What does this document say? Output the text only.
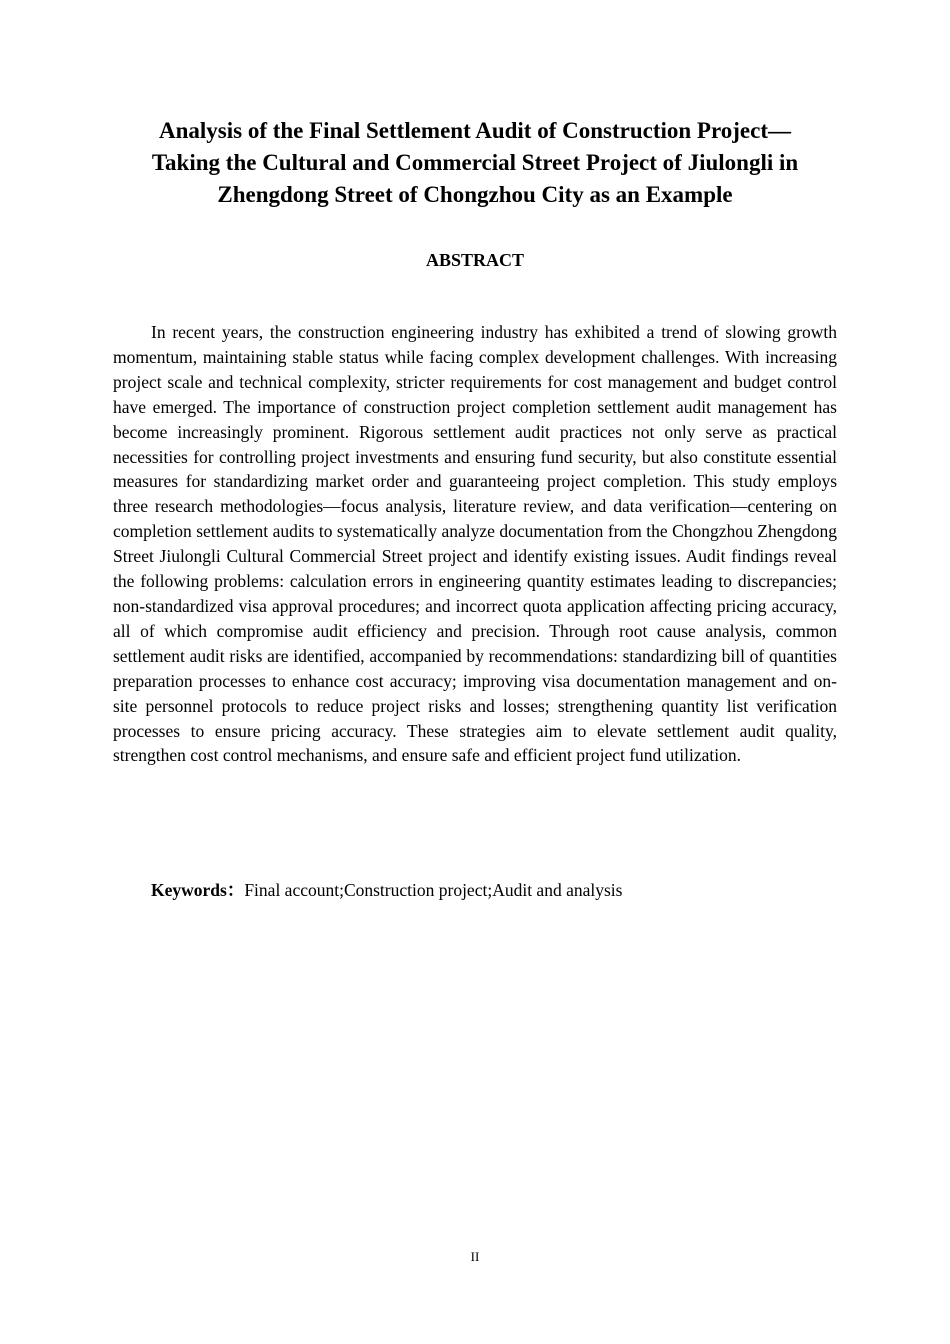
Analysis of the Final Settlement Audit of Construction Project—
Taking the Cultural and Commercial Street Project of Jiulongli in
Zhengdong Street of Chongzhou City as an Example
ABSTRACT

In recent years, the construction engineering industry has exhibited a trend of slowing growth momentum, maintaining stable status while facing complex development challenges. With increasing project scale and technical complexity, stricter requirements for cost management and budget control have emerged. The importance of construction project completion settlement audit management has become increasingly prominent. Rigorous settlement audit practices not only serve as practical necessities for controlling project investments and ensuring fund security, but also constitute essential measures for standardizing market order and guaranteeing project completion. This study employs three research methodologies—focus analysis, literature review, and data verification—centering on completion settlement audits to systematically analyze documentation from the Chongzhou Zhengdong Street Jiulongli Cultural Commercial Street project and identify existing issues. Audit findings reveal the following problems: calculation errors in engineering quantity estimates leading to discrepancies; non-standardized visa approval procedures; and incorrect quota application affecting pricing accuracy, all of which compromise audit efficiency and precision. Through root cause analysis, common settlement audit risks are identified, accompanied by recommendations: standardizing bill of quantities preparation processes to enhance cost accuracy; improving visa documentation management and on-site personnel protocols to reduce project risks and losses; strengthening quantity list verification processes to ensure pricing accuracy. These strategies aim to elevate settlement audit quality, strengthen cost control mechanisms, and ensure safe and efficient project fund utilization.

Keywords：Final account;Construction project;Audit and analysis

II
